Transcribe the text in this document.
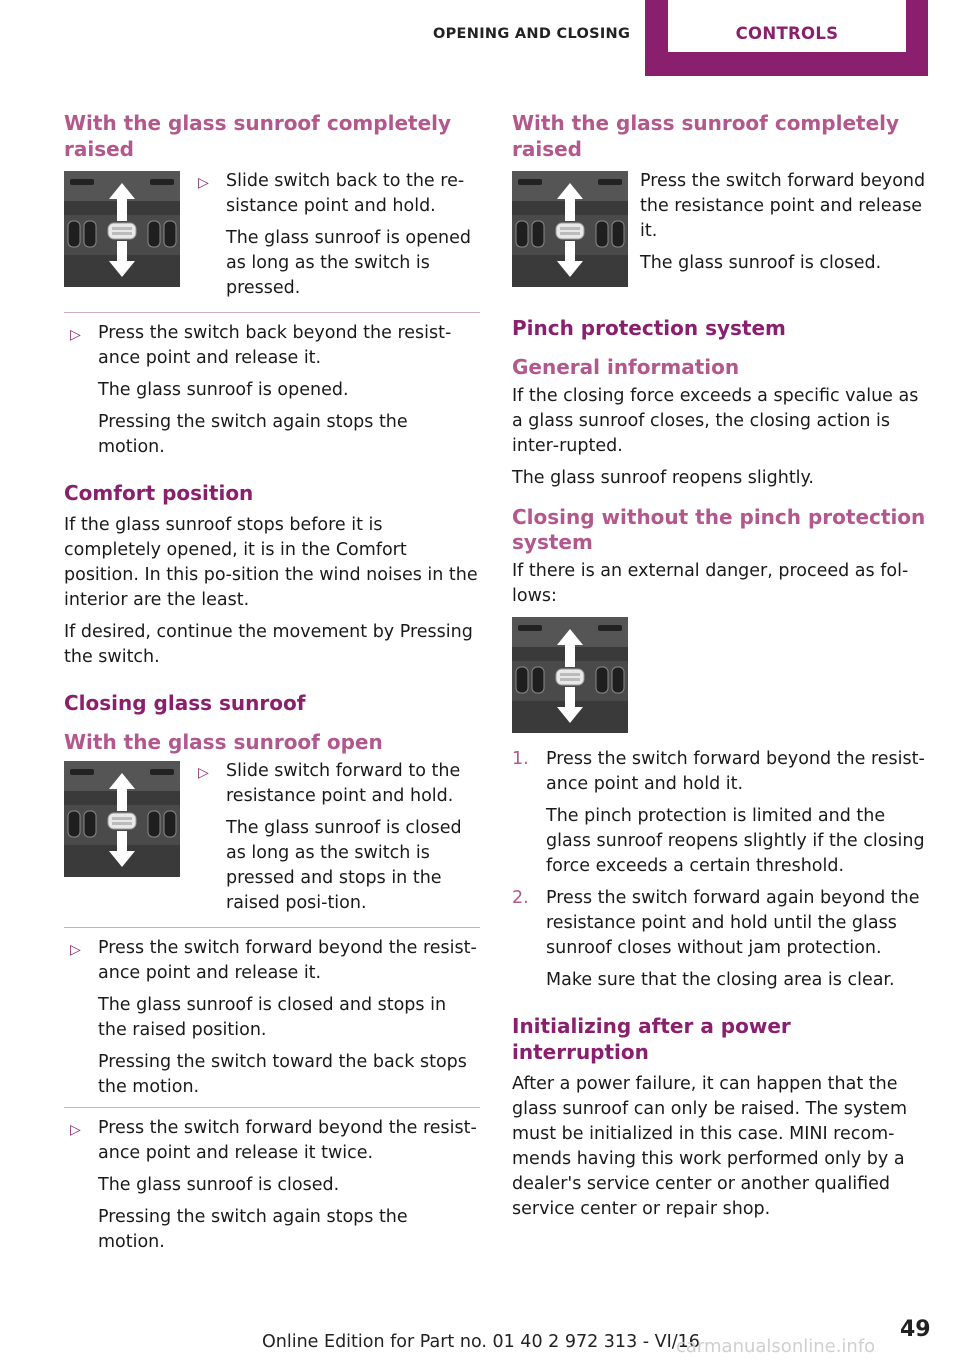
OPENING AND CLOSING	CONTROLS
With the glass sunroof completely raised
▷ Slide switch back to the re‐sistance point and hold.

The glass sunroof is opened as long as the switch is pressed.

▷ Press the switch back beyond the resist‐ance point and release it.

The glass sunroof is opened.

Pressing the switch again stops the motion.

Comfort position

If the glass sunroof stops before it is completely opened, it is in the Comfort position. In this po‐sition the wind noises in the interior are the least.

If desired, continue the movement by Pressing the switch.

Closing glass sunroof
With the glass sunroof open
▷ Slide switch forward to the resistance point and hold.

The glass sunroof is closed as long as the switch is pressed and stops in the raised posi‐tion.

▷ Press the switch forward beyond the resist‐ance point and release it.

The glass sunroof is closed and stops in the raised position.

Pressing the switch toward the back stops the motion.

▷ Press the switch forward beyond the resist‐ance point and release it twice.

The glass sunroof is closed.

Pressing the switch again stops the motion.

With the glass sunroof completely raised

Press the switch forward beyond the resistance point and release it.

The glass sunroof is closed.

Pinch protection system
General information

If the closing force exceeds a specific value as a glass sunroof closes, the closing action is inter‐rupted.

The glass sunroof reopens slightly.

Closing without the pinch protection system

If there is an external danger, proceed as fol‐lows:

1. Press the switch forward beyond the resist‐ance point and hold it.

The pinch protection is limited and the glass sunroof reopens slightly if the closing force exceeds a certain threshold.

2. Press the switch forward again beyond the resistance point and hold until the glass sunroof closes without jam protection.

Make sure that the closing area is clear.

Initializing after a power interruption

After a power failure, it can happen that the glass sunroof can only be raised. The system must be initialized in this case. MINI recom‐mends having this work performed only by a dealer's service center or another qualified service center or repair shop.

Online Edition for Part no. 01 40 2 972 313 - VI/16	49
carmanualsonline.info
